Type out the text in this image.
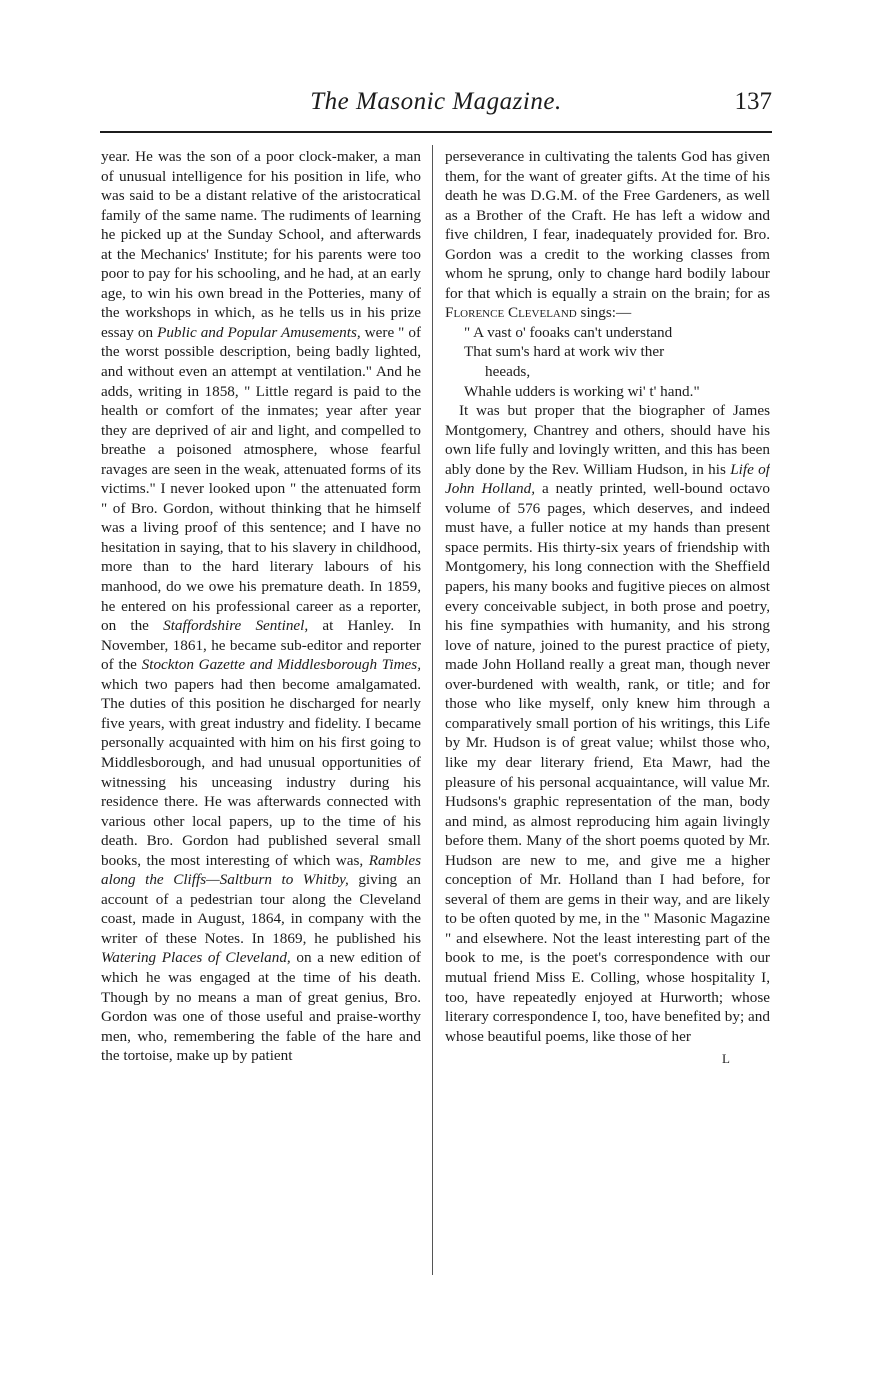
The Masonic Magazine.	137

year. He was the son of a poor clock-maker, a man of unusual intelligence for his position in life, who was said to be a distant relative of the aristocratical family of the same name. The rudiments of learning he picked up at the Sunday School, and afterwards at the Mechanics' Institute; for his parents were too poor to pay for his schooling, and he had, at an early age, to win his own bread in the Potteries, many of the workshops in which, as he tells us in his prize essay on Public and Popular Amusements, were " of the worst possible description, being badly lighted, and without even an attempt at ventilation." And he adds, writing in 1858, " Little regard is paid to the health or comfort of the inmates; year after year they are deprived of air and light, and compelled to breathe a poisoned atmosphere, whose fearful ravages are seen in the weak, attenuated forms of its victims." I never looked upon " the attenuated form " of Bro. Gordon, without thinking that he himself was a living proof of this sentence; and I have no hesitation in saying, that to his slavery in childhood, more than to the hard literary labours of his manhood, do we owe his premature death. In 1859, he entered on his professional career as a reporter, on the Staffordshire Sentinel, at Hanley. In November, 1861, he became sub-editor and reporter of the Stockton Gazette and Middlesborough Times, which two papers had then become amalgamated. The duties of this position he discharged for nearly five years, with great industry and fidelity. I became personally acquainted with him on his first going to Middlesborough, and had unusual opportunities of witnessing his unceasing industry during his residence there. He was afterwards connected with various other local papers, up to the time of his death. Bro. Gordon had published several small books, the most interesting of which was, Rambles along the Cliffs—Saltburn to Whitby, giving an account of a pedestrian tour along the Cleveland coast, made in August, 1864, in company with the writer of these Notes. In 1869, he published his Watering Places of Cleveland, on a new edition of which he was engaged at the time of his death. Though by no means a man of great genius, Bro. Gordon was one of those useful and praise-worthy men, who, remembering the fable of the hare and the tortoise, make up by patient

perseverance in cultivating the talents God has given them, for the want of greater gifts. At the time of his death he was D.G.M. of the Free Gardeners, as well as a Brother of the Craft. He has left a widow and five children, I fear, inadequately provided for. Bro. Gordon was a credit to the working classes from whom he sprung, only to change hard bodily labour for that which is equally a strain on the brain; for as Florence Cleveland sings:—

" A vast o' fooaks can't understand

That sum's hard at work wiv ther

heeads,

Whahle udders is working wi' t' hand."

It was but proper that the biographer of James Montgomery, Chantrey and others, should have his own life fully and lovingly written, and this has been ably done by the Rev. William Hudson, in his Life of John Holland, a neatly printed, well-bound octavo volume of 576 pages, which deserves, and indeed must have, a fuller notice at my hands than present space permits. His thirty-six years of friendship with Montgomery, his long connection with the Sheffield papers, his many books and fugitive pieces on almost every conceivable subject, in both prose and poetry, his fine sympathies with humanity, and his strong love of nature, joined to the purest practice of piety, made John Holland really a great man, though never over-burdened with wealth, rank, or title; and for those who like myself, only knew him through a comparatively small portion of his writings, this Life by Mr. Hudson is of great value; whilst those who, like my dear literary friend, Eta Mawr, had the pleasure of his personal acquaintance, will value Mr. Hudsons's graphic representation of the man, body and mind, as almost reproducing him again livingly before them. Many of the short poems quoted by Mr. Hudson are new to me, and give me a higher conception of Mr. Holland than I had before, for several of them are gems in their way, and are likely to be often quoted by me, in the " Masonic Magazine " and elsewhere. Not the least interesting part of the book to me, is the poet's correspondence with our mutual friend Miss E. Colling, whose hospitality I, too, have repeatedly enjoyed at Hurworth; whose literary correspondence I, too, have benefited by; and whose beautiful poems, like those of her

L
